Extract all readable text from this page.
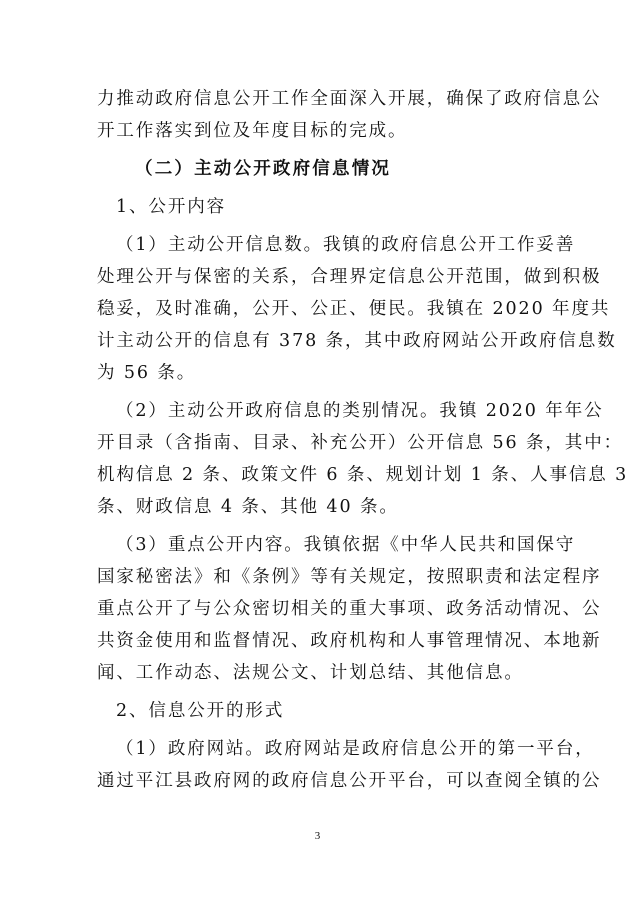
力推动政府信息公开工作全面深入开展，确保了政府信息公
开工作落实到位及年度目标的完成。
（二）主动公开政府信息情况
1、公开内容
（1）主动公开信息数。我镇的政府信息公开工作妥善
处理公开与保密的关系，合理界定信息公开范围，做到积极
稳妥，及时准确，公开、公正、便民。我镇在 2020 年度共
计主动公开的信息有 378 条，其中政府网站公开政府信息数
为 56 条。
（2）主动公开政府信息的类别情况。我镇 2020 年年公
开目录（含指南、目录、补充公开）公开信息 56 条，其中：
机构信息 2 条、政策文件 6 条、规划计划 1 条、人事信息 3
条、财政信息 4 条、其他 40 条。
（3）重点公开内容。我镇依据《中华人民共和国保守
国家秘密法》和《条例》等有关规定，按照职责和法定程序
重点公开了与公众密切相关的重大事项、政务活动情况、公
共资金使用和监督情况、政府机构和人事管理情况、本地新
闻、工作动态、法规公文、计划总结、其他信息。
2、信息公开的形式
（1）政府网站。政府网站是政府信息公开的第一平台，
通过平江县政府网的政府信息公开平台，可以查阅全镇的公
3
